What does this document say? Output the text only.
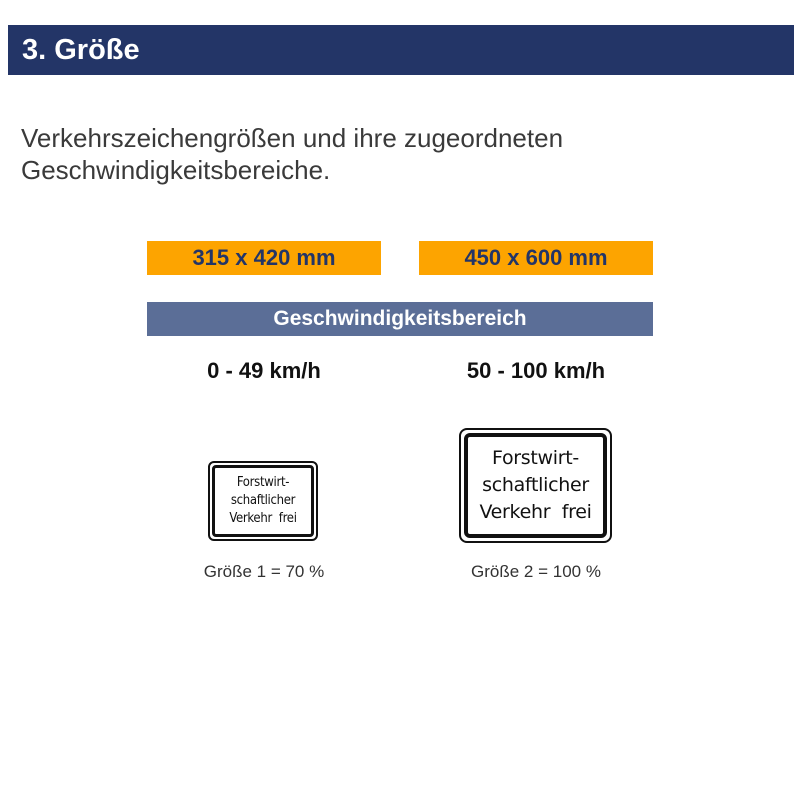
3. Größe
Verkehrszeichengrößen und ihre zugeordneten
Geschwindigkeitsbereiche.
315 x 420 mm	450 x 600 mm
Geschwindigkeitsbereich
0 - 49 km/h	50 - 100 km/h
Forstwirt-
schaftlicher
Verkehr  frei
Forstwirt-
schaftlicher
Verkehr  frei
Größe 1 = 70 %	Größe 2 = 100 %
